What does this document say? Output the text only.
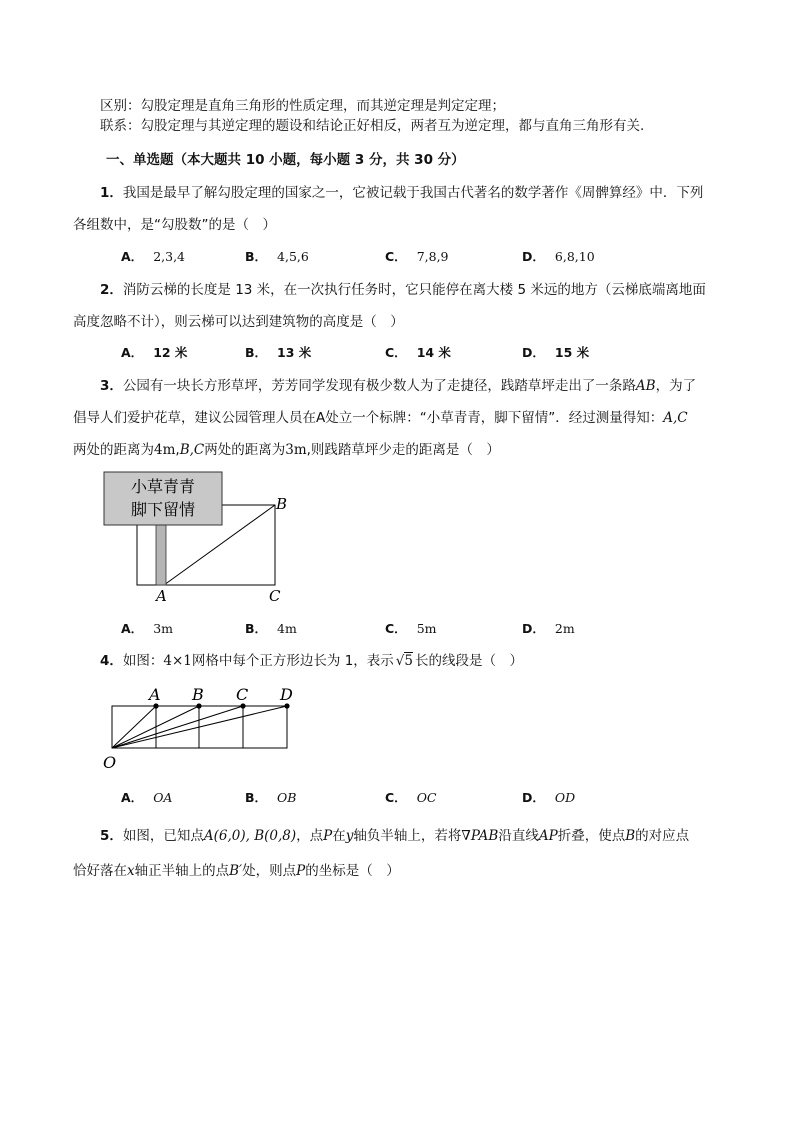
区别：勾股定理是直角三角形的性质定理，而其逆定理是判定定理；
联系：勾股定理与其逆定理的题设和结论正好相反，两者互为逆定理，都与直角三角形有关.
一、单选题（本大题共 10 小题，每小题 3 分，共 30 分）
1．我国是最早了解勾股定理的国家之一，它被记载于我国古代著名的数学著作《周髀算经》中．下列
各组数中，是“勾股数”的是（　）
A． 2,3,4	B． 4,5,6	C． 7,8,9	D． 6,8,10
2．消防云梯的长度是 13 米，在一次执行任务时，它只能停在离大楼 5 米远的地方（云梯底端离地面
高度忽略不计），则云梯可以达到建筑物的高度是（　）
A． 12 米	B． 13 米	C． 14 米	D． 15 米
3．公园有一块长方形草坪，芳芳同学发现有极少数人为了走捷径，践踏草坪走出了一条路AB，为了
倡导人们爱护花草，建议公园管理人员在A处立一个标牌：“小草青青，脚下留情”．经过测量得知：A,C
两处的距离为4m,B,C两处的距离为3m,则践踏草坪少走的距离是（　）
小草青青
脚下留情	B
A	C
A． 3m	B． 4m	C． 5m	D． 2m
4．如图：4×1网格中每个正方形边长为 1，表示 √5 长的线段是（　）
A B C D
O
A． OA	B． OB	C． OC	D． OD
5．如图，已知点A(6,0), B(0,8)，点P在y轴负半轴上，若将∇PAB沿直线AP折叠，使点B的对应点
恰好落在x轴正半轴上的点B′处，则点P的坐标是（　）
